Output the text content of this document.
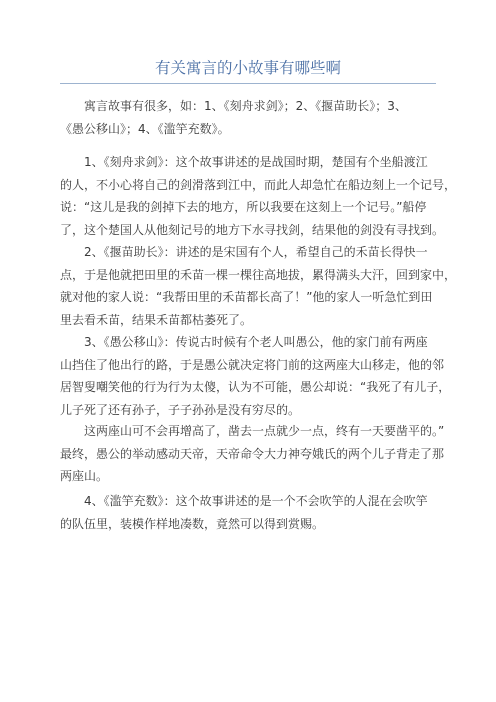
有关寓言的小故事有哪些啊
寓言故事有很多，如：1、《刻舟求剑》；2、《揠苗助长》；3、
《愚公移山》；4、《滥竽充数》。
1、《刻舟求剑》：这个故事讲述的是战国时期，楚国有个坐船渡江
的人，不小心将自己的剑滑落到江中，而此人却急忙在船边刻上一个记号，
说：“这儿是我的剑掉下去的地方，所以我要在这刻上一个记号。”船停
了，这个楚国人从他刻记号的地方下水寻找剑，结果他的剑没有寻找到。
2、《揠苗助长》：讲述的是宋国有个人，希望自己的禾苗长得快一
点，于是他就把田里的禾苗一棵一棵往高地拔，累得满头大汗，回到家中，
就对他的家人说：“我帮田里的禾苗都长高了！”他的家人一听急忙到田
里去看禾苗，结果禾苗都枯萎死了。
3、《愚公移山》：传说古时候有个老人叫愚公，他的家门前有两座
山挡住了他出行的路，于是愚公就决定将门前的这两座大山移走，他的邻
居智叟嘲笑他的行为行为太傻，认为不可能，愚公却说：“我死了有儿子，
儿子死了还有孙子，子子孙孙是没有穷尽的。
这两座山可不会再增高了，凿去一点就少一点，终有一天要凿平的。”
最终，愚公的举动感动天帝，天帝命令大力神夸娥氏的两个儿子背走了那
两座山。
4、《滥竽充数》：这个故事讲述的是一个不会吹竽的人混在会吹竽
的队伍里，装模作样地凑数，竟然可以得到赏赐。
